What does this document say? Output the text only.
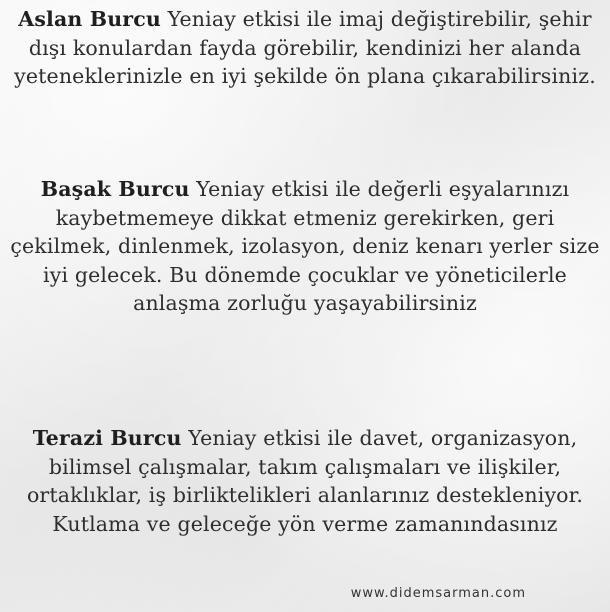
Aslan Burcu Yeniay etkisi ile imaj değiştirebilir, şehir dışı konulardan fayda görebilir, kendinizi her alanda yeteneklerinizle en iyi şekilde ön plana çıkarabilirsiniz.

Başak Burcu Yeniay etkisi ile değerli eşyalarınızı kaybetmemeye dikkat etmeniz gerekirken, geri çekilmek, dinlenmek, izolasyon, deniz kenarı yerler size iyi gelecek. Bu dönemde çocuklar ve yöneticilerle anlaşma zorluğu yaşayabilirsiniz

Terazi Burcu Yeniay etkisi ile davet, organizasyon, bilimsel çalışmalar, takım çalışmaları ve ilişkiler, ortaklıklar, iş birliktelikleri alanlarınız destekleniyor. Kutlama ve geleceğe yön verme zamanındasınız

www.didemsarman.com
